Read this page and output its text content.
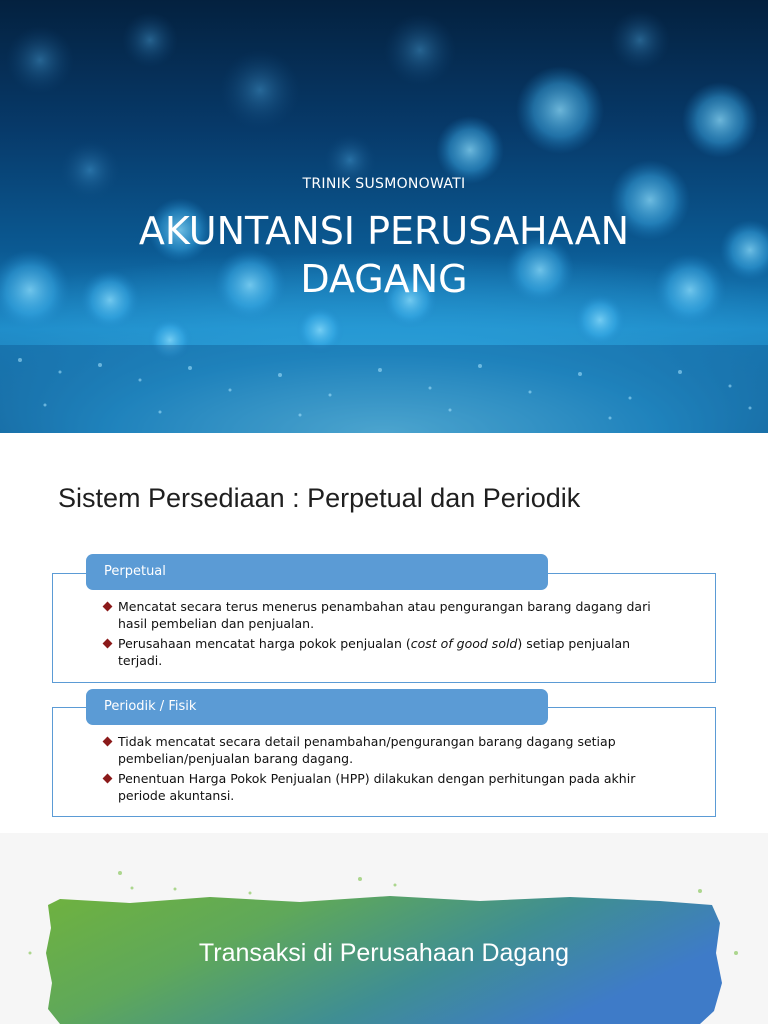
TRINIK SUSMONOWATI
AKUNTANSI PERUSAHAAN
DAGANG
Sistem Persediaan : Perpetual dan Periodik
Perpetual
Mencatat secara terus menerus penambahan atau pengurangan barang dagang dari hasil pembelian dan penjualan.
Perusahaan mencatat harga pokok penjualan (cost of good sold) setiap penjualan terjadi.
Periodik / Fisik
Tidak mencatat secara detail penambahan/pengurangan barang dagang setiap pembelian/penjualan barang dagang.
Penentuan Harga Pokok Penjualan (HPP) dilakukan dengan perhitungan pada akhir periode akuntansi.
Transaksi di Perusahaan Dagang
